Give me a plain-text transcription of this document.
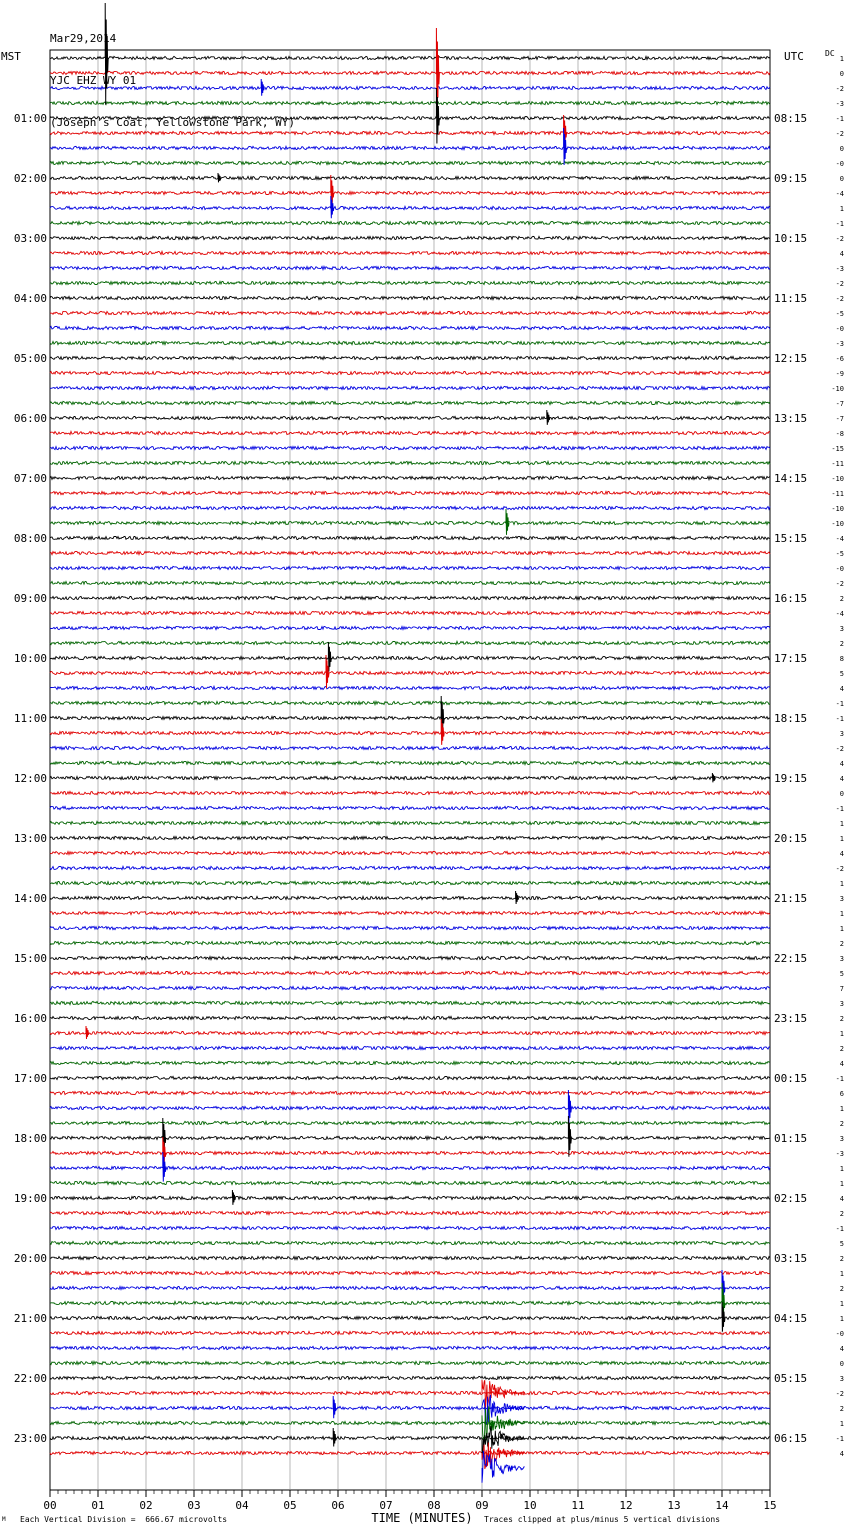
Mar29,2014

YJC EHZ WY 01

(Joseph's Coat, Yellowstone Park, WY)

MST	UTC	DC
00	01	02	03	04	05	06	07	08	09	10	11	12	13	14	15
1
0
-2
-3
01:00	08:15	-1
-2
0
-0
02:00	09:15	0
-4
1
-1
03:00	10:15	-2
4
-3
-2
04:00	11:15	-2
-5
-0
-3
05:00	12:15	-6
-9
-10
-7
06:00	13:15	-7
-8
-15
-11
07:00	14:15	-10
-11
-10
-10
08:00	15:15	-4
-5
-0
-2
09:00	16:15	2
-4
3
2
10:00	17:15	8
5
4
-1
11:00	18:15	-1
3
-2
4
12:00	19:15	4
0
-1
1
13:00	20:15	1
4
-2
1
14:00	21:15	3
1
1
2
15:00	22:15	3
5
7
3
16:00	23:15	2
1
2
4
17:00	00:15	-1
6
1
2
18:00	01:15	3
-3
1
1
19:00	02:15	4
2
-1
5
20:00	03:15	2
1
2
1
21:00	04:15	1
-0
4
0
22:00	05:15	3
-2
2
1
23:00	06:15	-1
4
TIME (MINUTES)
M Each Vertical Division =  666.67 microvolts	Traces clipped at plus/minus 5 vertical divisions
